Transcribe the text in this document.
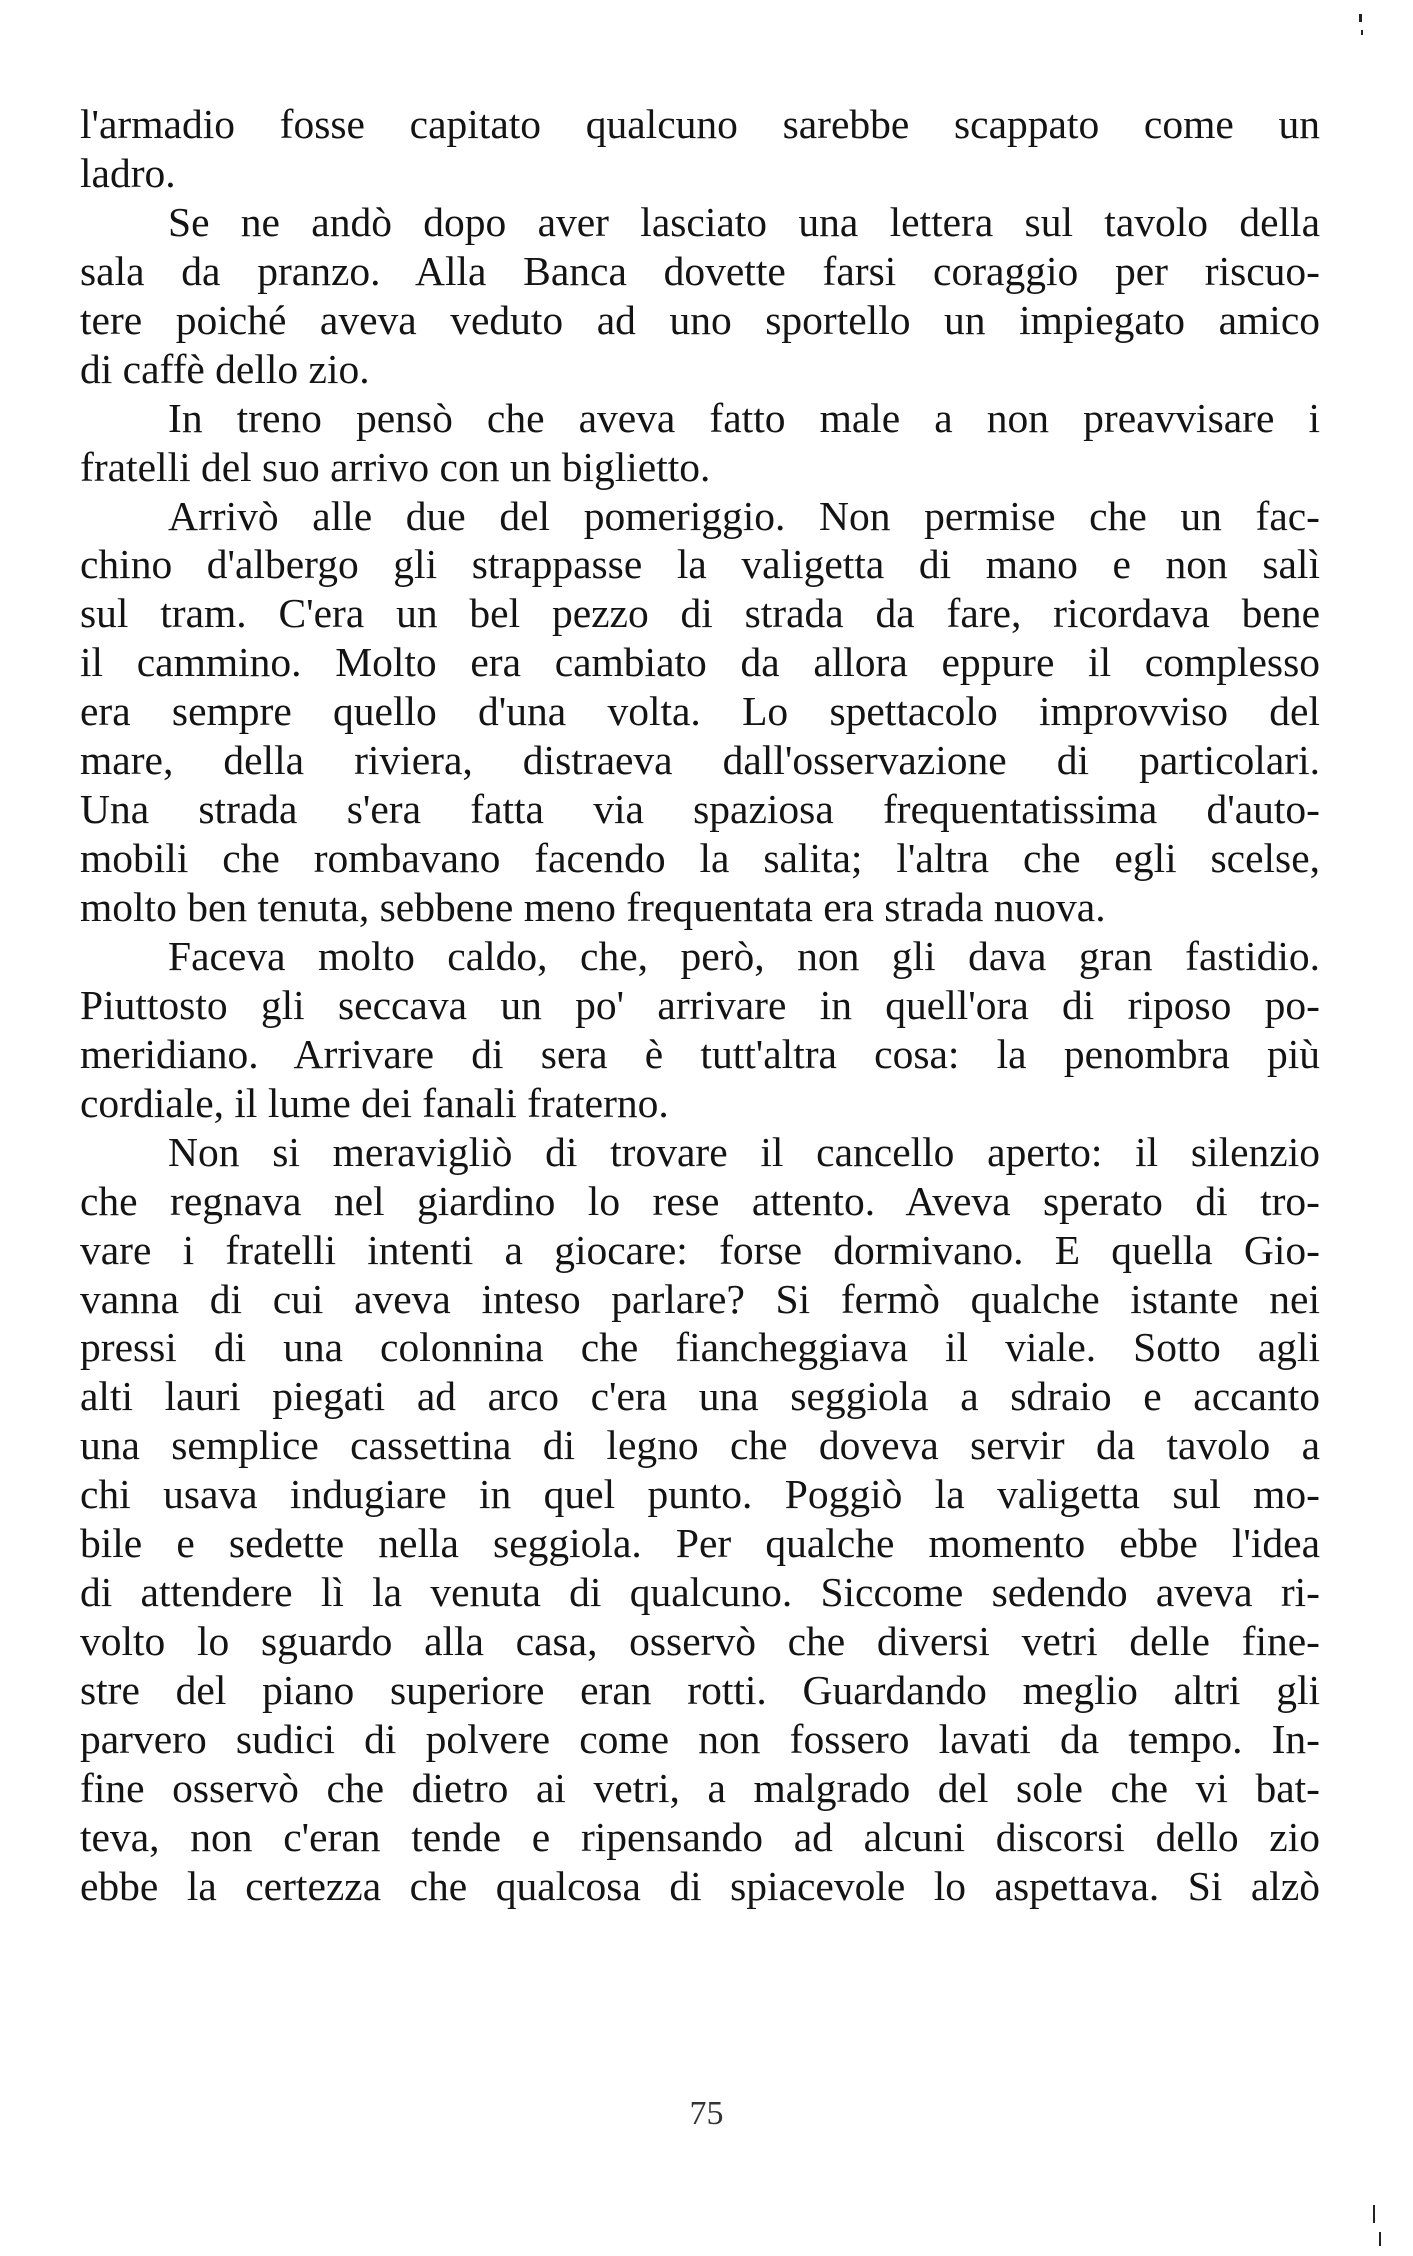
l'armadio fosse capitato qualcuno sarebbe scappato come un
ladro.
Se ne andò dopo aver lasciato una lettera sul tavolo della
sala da pranzo. Alla Banca dovette farsi coraggio per riscuo-
tere poiché aveva veduto ad uno sportello un impiegato amico
di caffè dello zio.
In treno pensò che aveva fatto male a non preavvisare i
fratelli del suo arrivo con un biglietto.
Arrivò alle due del pomeriggio. Non permise che un fac-
chino d'albergo gli strappasse la valigetta di mano e non salì
sul tram. C'era un bel pezzo di strada da fare, ricordava bene
il cammino. Molto era cambiato da allora eppure il complesso
era sempre quello d'una volta. Lo spettacolo improvviso del
mare, della riviera, distraeva dall'osservazione di particolari.
Una strada s'era fatta via spaziosa frequentatissima d'auto-
mobili che rombavano facendo la salita; l'altra che egli scelse,
molto ben tenuta, sebbene meno frequentata era strada nuova.
Faceva molto caldo, che, però, non gli dava gran fastidio.
Piuttosto gli seccava un po' arrivare in quell'ora di riposo po-
meridiano. Arrivare di sera è tutt'altra cosa: la penombra più
cordiale, il lume dei fanali fraterno.
Non si meravigliò di trovare il cancello aperto: il silenzio
che regnava nel giardino lo rese attento. Aveva sperato di tro-
vare i fratelli intenti a giocare: forse dormivano. E quella Gio-
vanna di cui aveva inteso parlare? Si fermò qualche istante nei
pressi di una colonnina che fiancheggiava il viale. Sotto agli
alti lauri piegati ad arco c'era una seggiola a sdraio e accanto
una semplice cassettina di legno che doveva servir da tavolo a
chi usava indugiare in quel punto. Poggiò la valigetta sul mo-
bile e sedette nella seggiola. Per qualche momento ebbe l'idea
di attendere lì la venuta di qualcuno. Siccome sedendo aveva ri-
volto lo sguardo alla casa, osservò che diversi vetri delle fine-
stre del piano superiore eran rotti. Guardando meglio altri gli
parvero sudici di polvere come non fossero lavati da tempo. In-
fine osservò che dietro ai vetri, a malgrado del sole che vi bat-
teva, non c'eran tende e ripensando ad alcuni discorsi dello zio
ebbe la certezza che qualcosa di spiacevole lo aspettava. Si alzò
75
